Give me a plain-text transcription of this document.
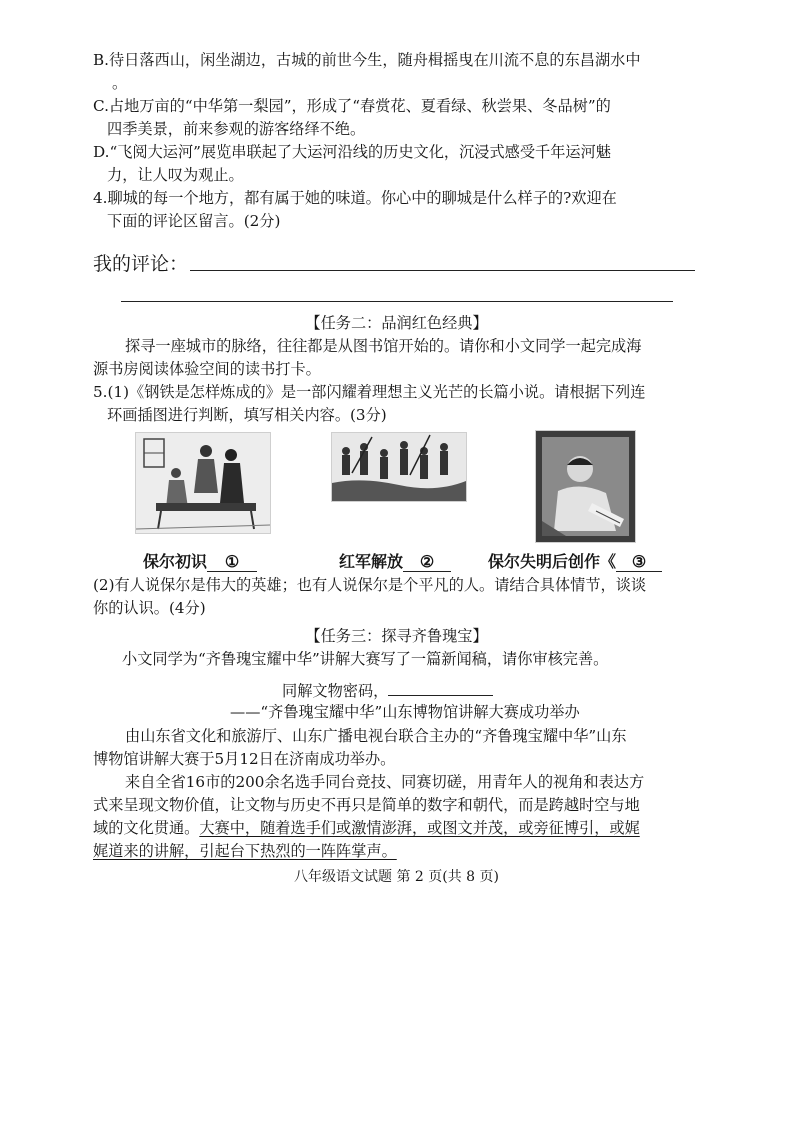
B.待日落西山，闲坐湖边，古城的前世今生，随舟楫摇曳在川流不息的东昌湖水中
。
C.占地万亩的“中华第一梨园”，形成了“春赏花、夏看绿、秋尝果、冬品树”的
四季美景，前来参观的游客络绎不绝。
D.“飞阅大运河”展览串联起了大运河沿线的历史文化，沉浸式感受千年运河魅
力，让人叹为观止。
4.聊城的每一个地方，都有属于她的味道。你心中的聊城是什么样子的?欢迎在
下面的评论区留言。(2分)
我的评论：
【任务二：品润红色经典】
探寻一座城市的脉络，往往都是从图书馆开始的。请你和小文同学一起完成海
源书房阅读体验空间的读书打卡。
5.(1)《钢铁是怎样炼成的》是一部闪耀着理想主义光芒的长篇小说。请根据下列连
环画插图进行判断，填写相关内容。(3分)
保尔初识 ①	红军解放 ②	保尔失明后创作《 ③
(2)有人说保尔是伟大的英雄；也有人说保尔是个平凡的人。请结合具体情节，谈谈
你的认识。(4分)
【任务三：探寻齐鲁瑰宝】
小文同学为“齐鲁瑰宝耀中华”讲解大赛写了一篇新闻稿，请你审核完善。
同解文物密码，
——“齐鲁瑰宝耀中华”山东博物馆讲解大赛成功举办
由山东省文化和旅游厅、山东广播电视台联合主办的“齐鲁瑰宝耀中华”山东
博物馆讲解大赛于5月12日在济南成功举办。
来自全省16市的200余名选手同台竞技、同赛切磋，用青年人的视角和表达方
式来呈现文物价值，让文物与历史不再只是简单的数字和朝代，而是跨越时空与地
域的文化贯通。大赛中，随着选手们或激情澎湃，或图文并茂，或旁征博引，或娓
娓道来的讲解，引起台下热烈的一阵阵掌声。
八年级语文试题 第 2 页(共 8 页)
